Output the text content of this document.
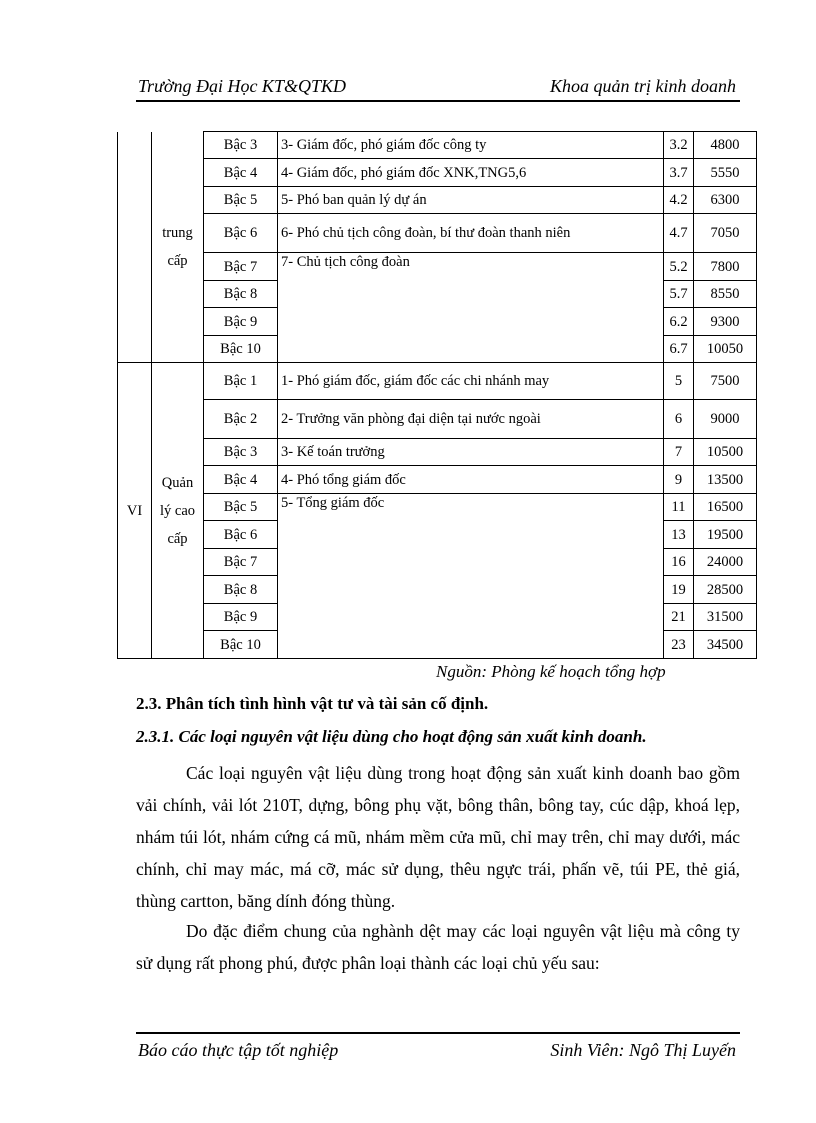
Trường Đại Học KT&QTKD	Khoa quản trị kinh doanh
	trung cấp	Bậc 3	3- Giám đốc, phó giám đốc công ty	3.2	4800
		Bậc 4	4- Giám đốc, phó giám đốc XNK,TNG5,6	3.7	5550
		Bậc 5	5- Phó ban quản lý dự án	4.2	6300
		Bậc 6	6- Phó chủ tịch công đoàn, bí thư đoàn thanh niên	4.7	7050
		Bậc 7	7- Chủ tịch công đoàn	5.2	7800
		Bậc 8		5.7	8550
		Bậc 9		6.2	9300
		Bậc 10		6.7	10050
VI	Quản lý cao cấp	Bậc 1	1- Phó giám đốc, giám đốc các chi nhánh may	5	7500
		Bậc 2	2- Trưởng văn phòng đại diện tại nước ngoài	6	9000
		Bậc 3	3- Kế toán trưởng	7	10500
		Bậc 4	4- Phó tổng giám đốc	9	13500
		Bậc 5	5- Tổng giám đốc	11	16500
		Bậc 6		13	19500
		Bậc 7		16	24000
		Bậc 8		19	28500
		Bậc 9		21	31500
		Bậc 10		23	34500
Nguồn: Phòng kế hoạch tổng hợp
2.3. Phân tích tình hình vật tư và tài sản cố định.
2.3.1. Các loại nguyên vật liệu dùng cho hoạt động sản xuất kinh doanh.
Các loại nguyên vật liệu dùng trong hoạt động sản xuất kinh doanh bao gồm vải chính, vải lót 210T, dựng, bông phụ vặt, bông thân, bông tay, cúc dập, khoá lẹp, nhám túi lót, nhám cứng cá mũ, nhám mềm cửa mũ, chỉ may trên, chỉ may dưới, mác chính, chỉ may mác, má cỡ, mác sử dụng, thêu ngực trái, phấn vẽ, túi PE, thẻ giá, thùng cartton, băng dính đóng thùng.
Do đặc điểm chung của nghành dệt may các loại nguyên vật liệu mà công ty sử dụng rất phong phú, được phân loại thành các loại chủ yếu sau:
Báo cáo thực tập tốt nghiệp	Sinh Viên: Ngô Thị Luyến
